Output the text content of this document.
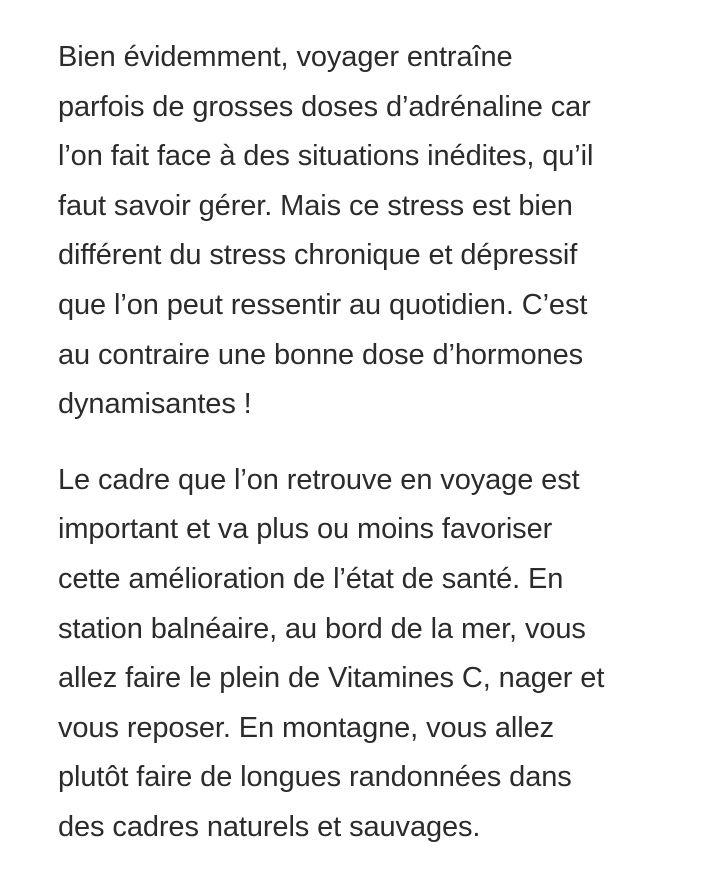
Bien évidemment, voyager entraîne
parfois de grosses doses d’adrénaline car
l’on fait face à des situations inédites, qu’il
faut savoir gérer. Mais ce stress est bien
différent du stress chronique et dépressif
que l’on peut ressentir au quotidien. C’est
au contraire une bonne dose d’hormones
dynamisantes !

Le cadre que l’on retrouve en voyage est
important et va plus ou moins favoriser
cette amélioration de l’état de santé. En
station balnéaire, au bord de la mer, vous
allez faire le plein de Vitamines C, nager et
vous reposer. En montagne, vous allez
plutôt faire de longues randonnées dans
des cadres naturels et sauvages.
